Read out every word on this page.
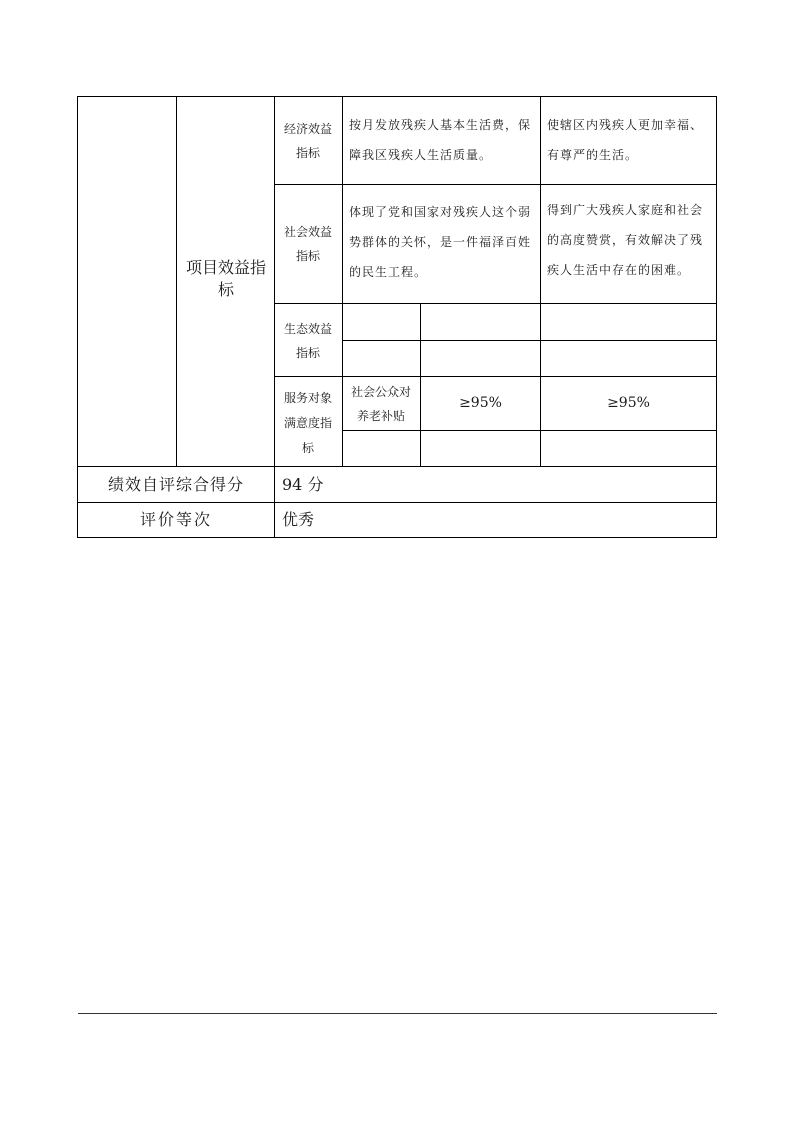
项目效益指标
经济效益指标
按月发放残疾人基本生活费，保障我区残疾人生活质量。
使辖区内残疾人更加幸福、有尊严的生活。
社会效益指标
体现了党和国家对残疾人这个弱势群体的关怀，是一件福泽百姓的民生工程。
得到广大残疾人家庭和社会的高度赞赏，有效解决了残疾人生活中存在的困难。
生态效益指标
服务对象满意度指标
社会公众对养老补贴
≥95%	≥95%
绩效自评综合得分 94 分
评价等次	优秀
